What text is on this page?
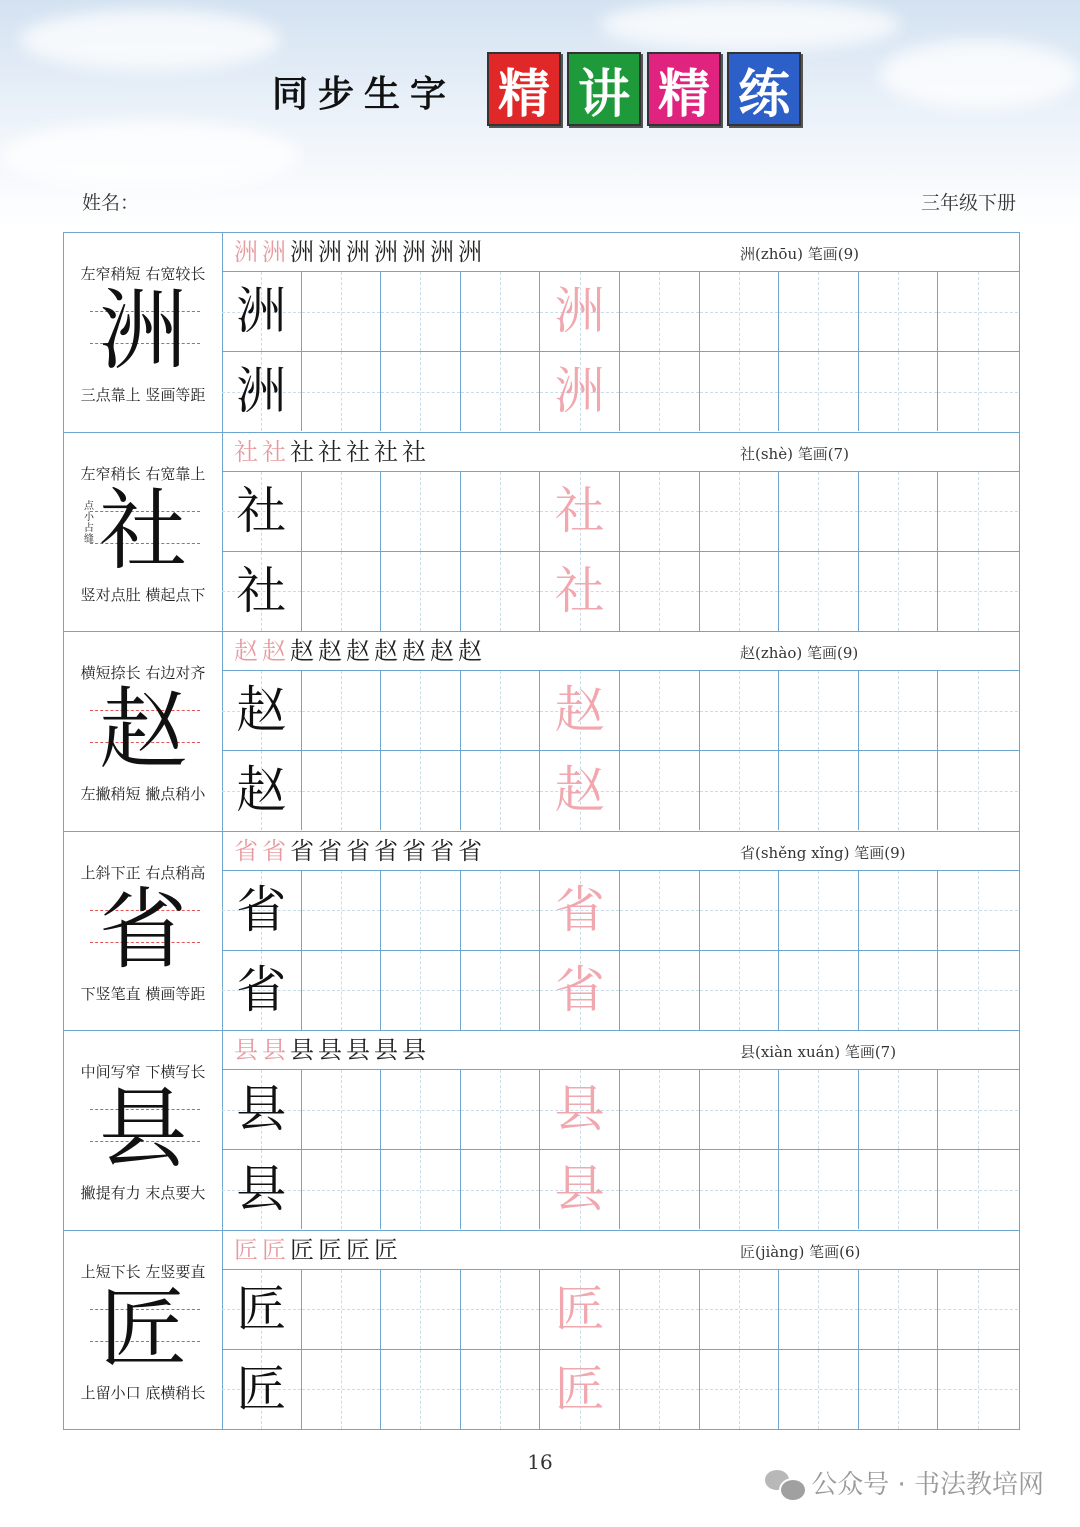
同步生字 精 讲 精 练
姓名：	三年级下册
左窄稍短 右宽较长
洲
三点靠上 竖画等距
洲 洲 洲 洲 洲 洲 洲 洲 洲	洲(zhōu) 笔画(9)
洲	洲
洲	洲
左窄稍长 右宽靠上
社
点小占缝
竖对点肚 横起点下
社 社 社 社 社 社 社	社(shè) 笔画(7)
社	社
社	社
横短捺长 右边对齐
赵
左撇稍短 撇点稍小
赵 赵 赵 赵 赵 赵 赵 赵 赵	赵(zhào) 笔画(9)
赵	赵
赵	赵
上斜下正 右点稍高
省
下竖笔直 横画等距
省 省 省 省 省 省 省 省 省	省(shěng xǐng) 笔画(9)
省	省
省	省
中间写窄 下横写长
县
撇提有力 末点要大
县 县 县 县 县 县 县	县(xiàn xuán) 笔画(7)
县	县
县	县
上短下长 左竖要直
匠
上留小口 底横稍长
匠 匠 匠 匠 匠 匠	匠(jiàng) 笔画(6)
匠	匠
匠	匠
16
公众号 · 书法教培网
